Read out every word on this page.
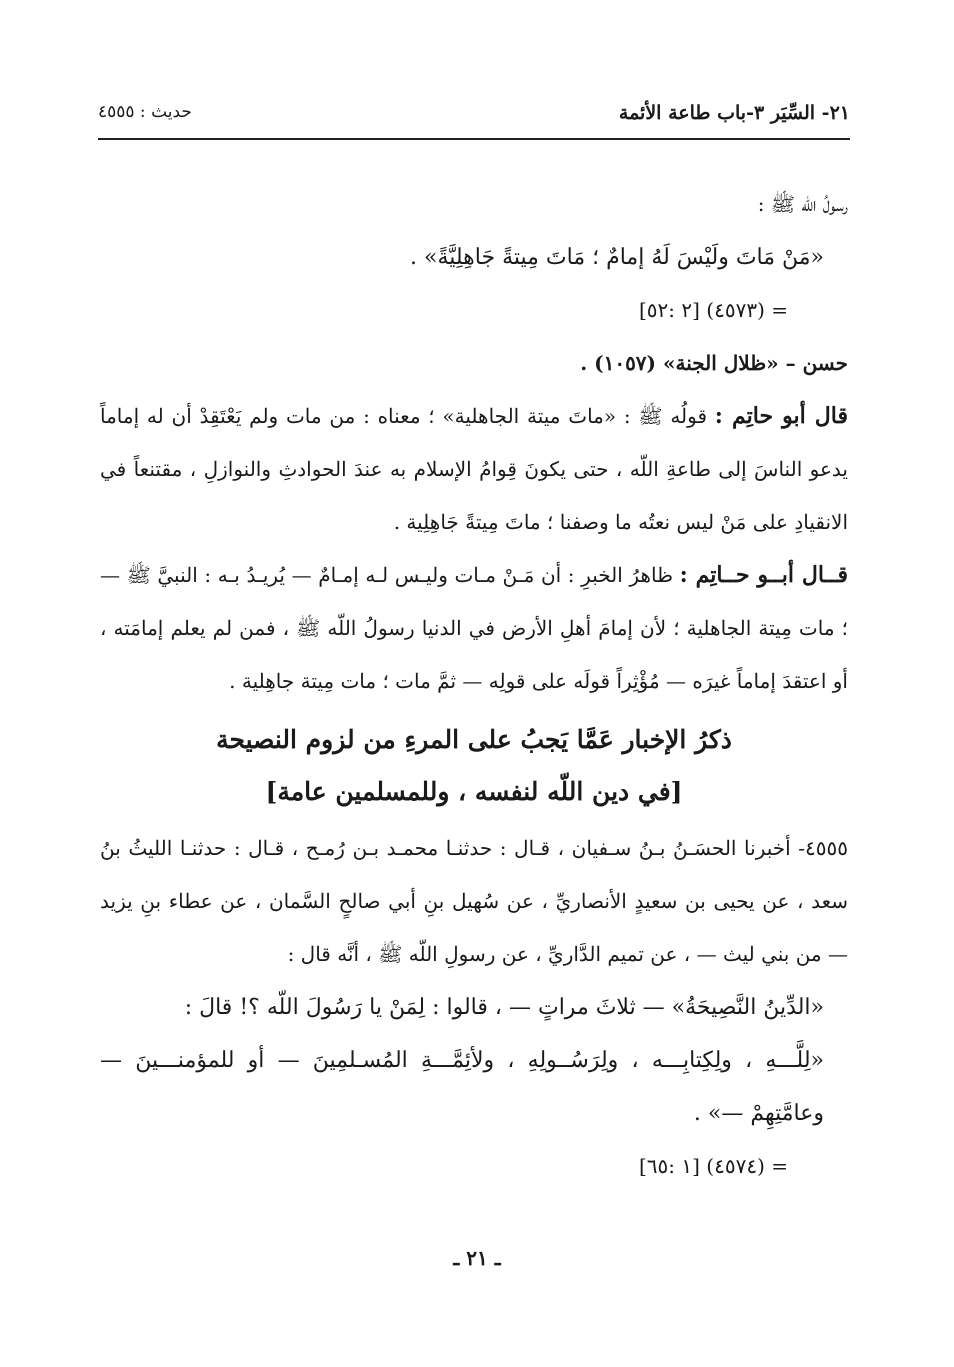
٣-باب طاعة الأئمة ٢١- السِّيَر
حديث : ٤٥٥٥

رسولُ اللّه ﷺ :

«مَنْ مَاتَ ولَيْسَ لَهُ إمامٌ ؛ مَاتَ مِيتةً جَاهِلِيَّةً» .

= (٤٥٧٣) [٢ :٥٢]

حسن – «ظلال الجنة» (١٠٥٧) .

قال أبو حاتِم : قولُه ﷺ : «ماتَ ميتة الجاهلية» ؛ معناه : من مات ولم يَعْتَقِدْ أن له إماماً يدعو الناسَ إلى طاعةِ اللّه ، حتى يكونَ قِوامُ الإسلام به عندَ الحوادثِ والنوازلِ ، مقتنعاً في الانقيادِ على مَنْ ليس نعتُه ما وصفنا ؛ ماتَ مِيتةً جَاهِلِية .

قــال أبــو حــاتِم : ظاهرُ الخبرِ : أن مَـنْ مـات وليـس لـه إمـامٌ — يُريـدُ بـه : النبيَّ ﷺ — ؛ مات مِيتة الجاهلية ؛ لأن إمامَ أهلِ الأرض في الدنيا رسولُ اللّه ﷺ ، فمن لم يعلم إمامَته ، أو اعتقدَ إماماً غيرَه — مُؤْثِراً قولَه على قولِه — ثمَّ مات ؛ مات مِيتة جاهِلية .

ذكرُ الإخبار عَمَّا يَجبُ على المرءِ من لزوم النصيحة
[في دين اللّه لنفسه ، وللمسلمين عامة]

٤٥٥٥- أخبرنا الحسَـنُ بـنُ سـفيان ، قـال : حدثنـا محمـد بـن رُمـح ، قـال : حدثنـا الليثُ بنُ سعد ، عن يحيى بن سعيدٍ الأنصاريِّ ، عن سُهيل بنِ أبي صالحٍ السَّمان ، عن عطاء بنِ يزيد — من بني ليث — ، عن تميم الدَّاريِّ ، عن رسولِ اللّه ﷺ ، أنَّه قال :

«الدِّينُ النَّصِيحَةُ» — ثلاثَ مراتٍ — ، قالوا : لِمَنْ يا رَسُولَ اللّه ؟! قالَ :

«لِلَّـــهِ ، ولِكِتابِـــه ، ولِرَسُــولِهِ ، ولأئِمَّـــةِ المُسـلمِينَ — أو للمؤمنـــينَ — وعامَّتِهِمْ —» .

= (٤٥٧٤) [١ :٦٥]

ـ ٢١ ـ
